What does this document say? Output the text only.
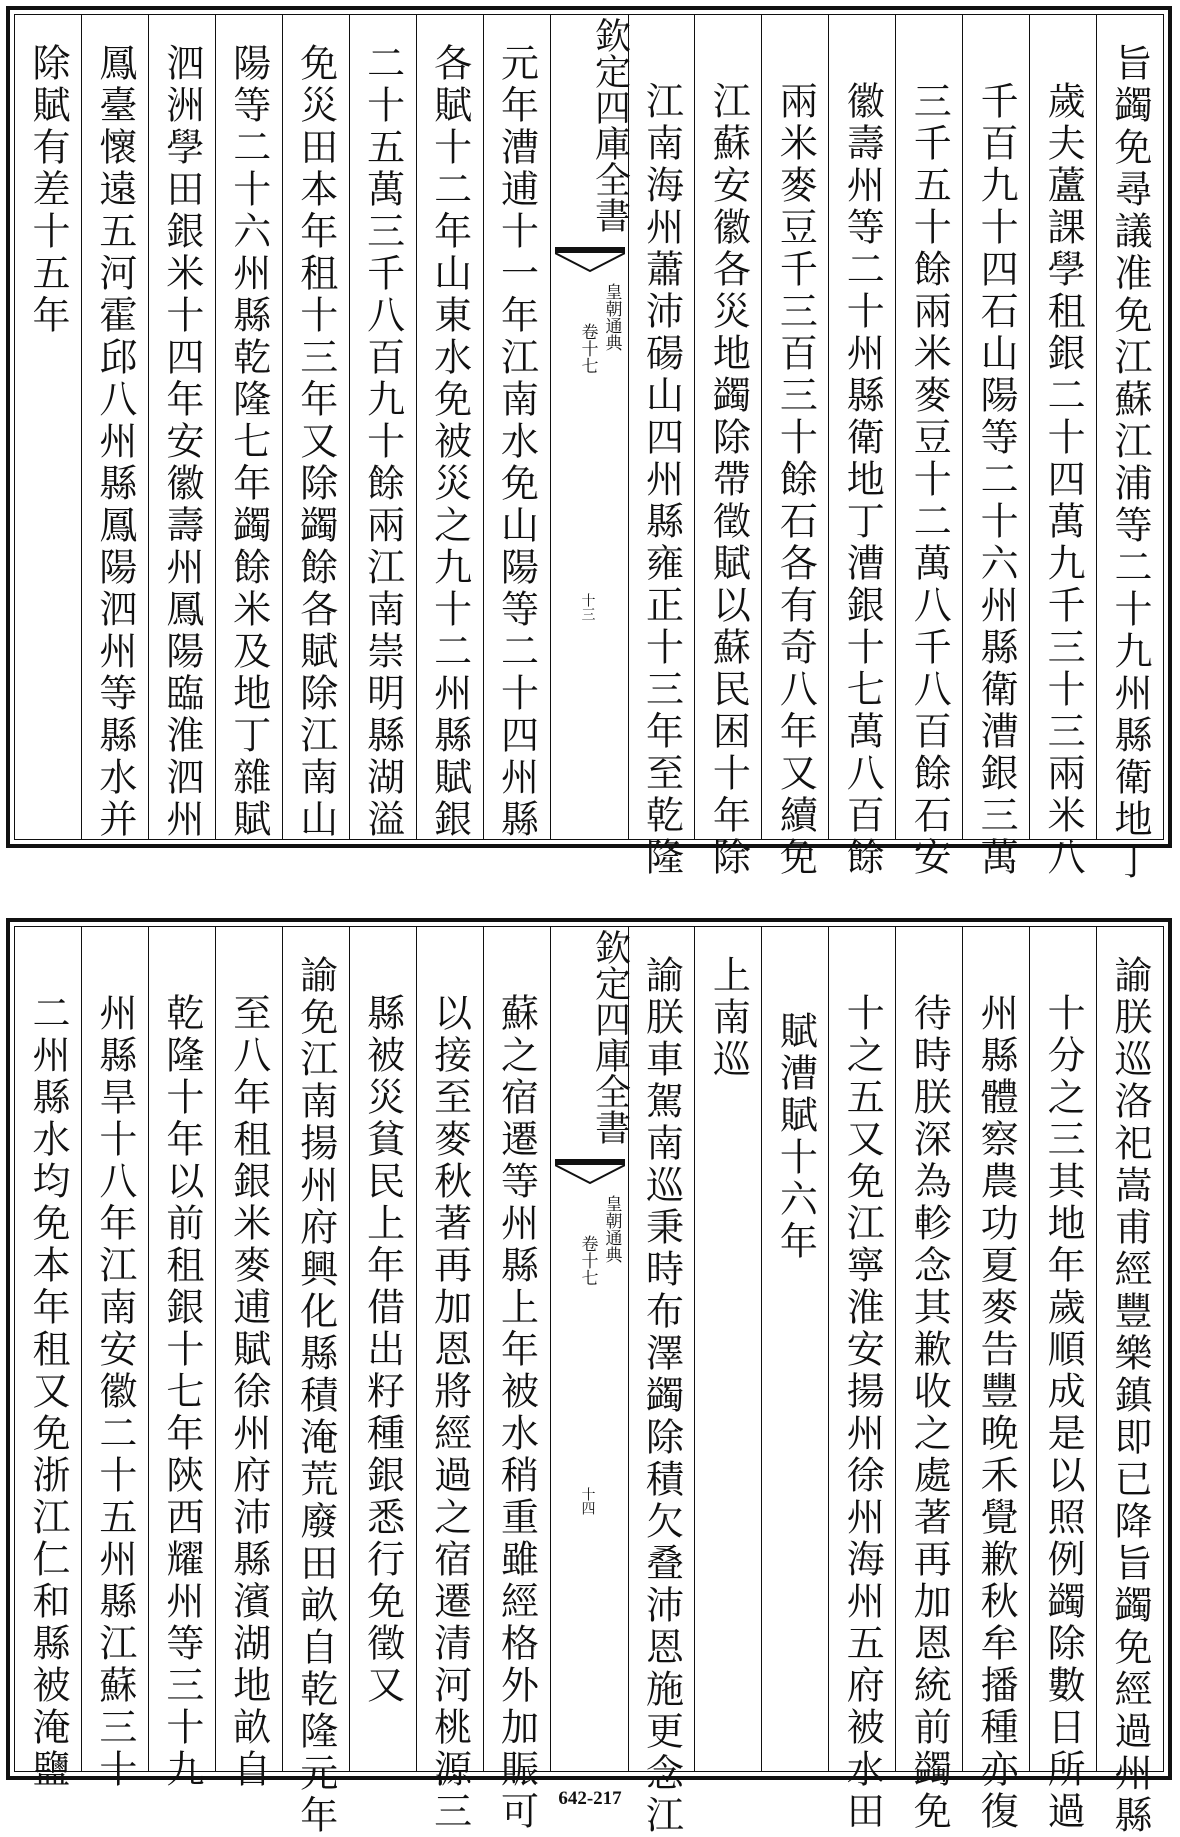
旨蠲免尋議准免江蘇江浦等二十九州縣衛地丁
歲夫蘆課學租銀二十四萬九千三十三兩米八
千百九十四石山陽等二十六州縣衛漕銀三萬
三千五十餘兩米麥豆十二萬八千八百餘石安
徽壽州等二十州縣衛地丁漕銀十七萬八百餘
兩米麥豆千三百三十餘石各有奇八年又續免
江蘇安徽各災地蠲除帶徵賦以蘇民困十年除
江南海州蕭沛碭山四州縣雍正十三年至乾隆
欽定四庫全書
皇朝通典
卷十七
十三
元年漕逋十一年江南水免山陽等二十四州縣
各賦十二年山東水免被災之九十二州縣賦銀
二十五萬三千八百九十餘兩江南崇明縣湖溢
免災田本年租十三年又除蠲餘各賦除江南山
陽等二十六州縣乾隆七年蠲餘米及地丁雜賦
泗洲學田銀米十四年安徽壽州鳳陽臨淮泗州
鳳臺懷遠五河霍邱八州縣鳳陽泗州等縣水并
除賦有差十五年
諭朕巡洛祀嵩甫經豐樂鎮即已降旨蠲免經過州縣
十分之三其地年歲順成是以照例蠲除數日所過
州縣體察農功夏麥告豐晚禾覺歉秋牟播種亦復
待時朕深為軫念其歉收之處著再加恩統前蠲免
十之五又免江寧淮安揚州徐州海州五府被水田
賦漕賦十六年
上南巡
諭朕車駕南巡秉時布澤蠲除積欠叠沛恩施更念江
欽定四庫全書
皇朝通典
卷十七
十四
蘇之宿遷等州縣上年被水稍重雖經格外加賑可
以接至麥秋著再加恩將經過之宿遷清河桃源三
縣被災貧民上年借出籽種銀悉行免徵又
諭免江南揚州府興化縣積淹荒廢田畝自乾隆元年
至八年租銀米麥逋賦徐州府沛縣濱湖地畝自
乾隆十年以前租銀十七年陝西耀州等三十九
州縣旱十八年江南安徽二十五州縣江蘇三十
二州縣水均免本年租又免浙江仁和縣被淹鹽
642-217
